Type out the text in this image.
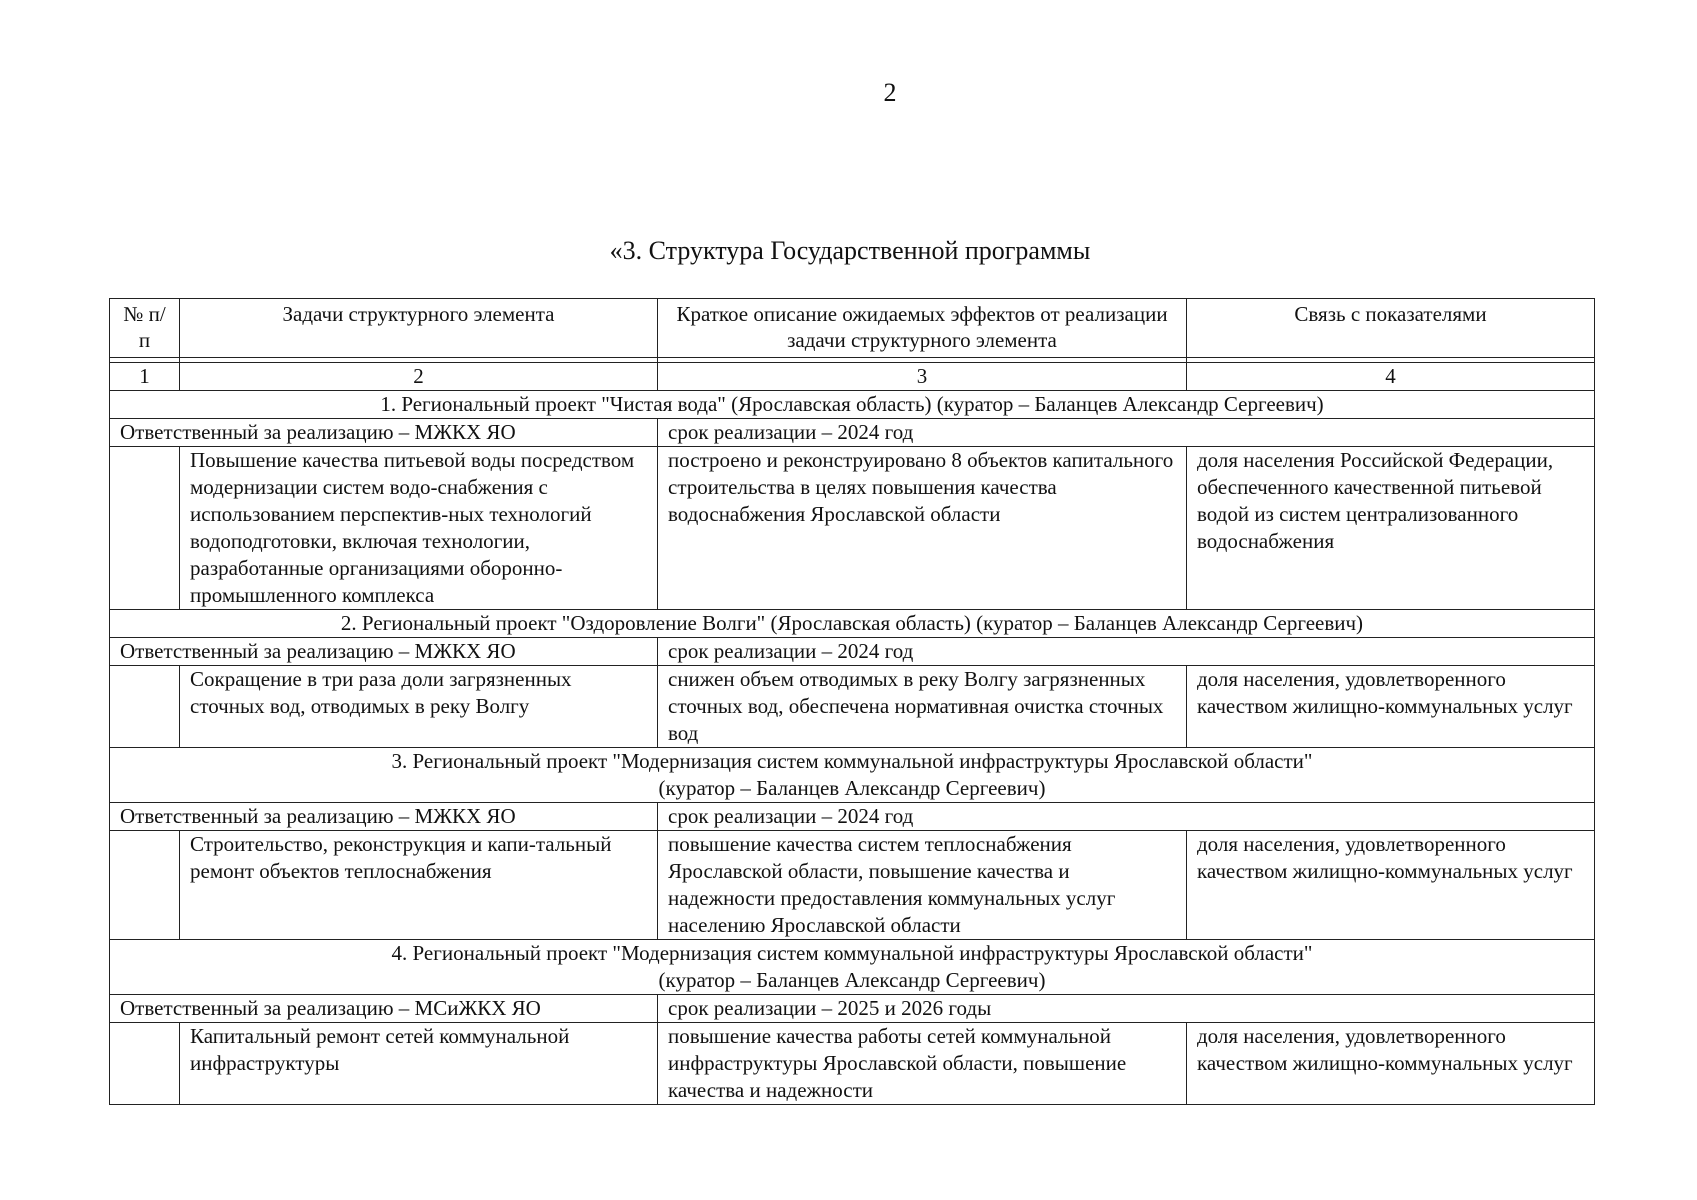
2
«3. Структура Государственной программы
№ п/п	Задачи структурного элемента	Краткое описание ожидаемых эффектов от реализации задачи структурного элемента	Связь с показателями

1	2	3	4
1. Региональный проект "Чистая вода" (Ярославская область) (куратор – Баланцев Александр Сергеевич)			
Ответственный за реализацию – МЖКХ ЯО		срок реализации – 2024 год	
	Повышение качества питьевой воды посредством модернизации систем водо-снабжения с использованием перспектив-ных технологий водоподготовки, включая технологии, разработанные организациями оборонно-промышленного комплекса	построено и реконструировано 8 объектов капитального строительства в целях повышения качества водоснабжения Ярославской области	доля населения Российской Федерации, обеспеченного качественной питьевой водой из систем централизованного водоснабжения
2. Региональный проект "Оздоровление Волги" (Ярославская область) (куратор – Баланцев Александр Сергеевич)			
Ответственный за реализацию – МЖКХ ЯО		срок реализации – 2024 год	
	Сокращение в три раза доли загрязненных сточных вод, отводимых в реку Волгу	снижен объем отводимых в реку Волгу загрязненных сточных вод, обеспечена нормативная очистка сточных вод	доля населения, удовлетворенного качеством жилищно-коммунальных услуг

3. Региональный проект "Модернизация систем коммунальной инфраструктуры Ярославской области"
(куратор – Баланцев Александр Сергеевич)			

Ответственный за реализацию – МЖКХ ЯО		срок реализации – 2024 год	
	Строительство, реконструкция и капи-тальный ремонт объектов теплоснабжения	повышение качества систем теплоснабжения Ярославской области, повышение качества и надежности предоставления коммунальных услуг населению Ярославской области	доля населения, удовлетворенного качеством жилищно-коммунальных услуг

4. Региональный проект "Модернизация систем коммунальной инфраструктуры Ярославской области"
(куратор – Баланцев Александр Сергеевич)			

Ответственный за реализацию – МСиЖКХ ЯО		срок реализации – 2025 и 2026 годы	
	Капитальный ремонт сетей коммунальной инфраструктуры	повышение качества работы сетей коммунальной инфраструктуры Ярославской области, повышение качества и надежности	доля населения, удовлетворенного качеством жилищно-коммунальных услуг
